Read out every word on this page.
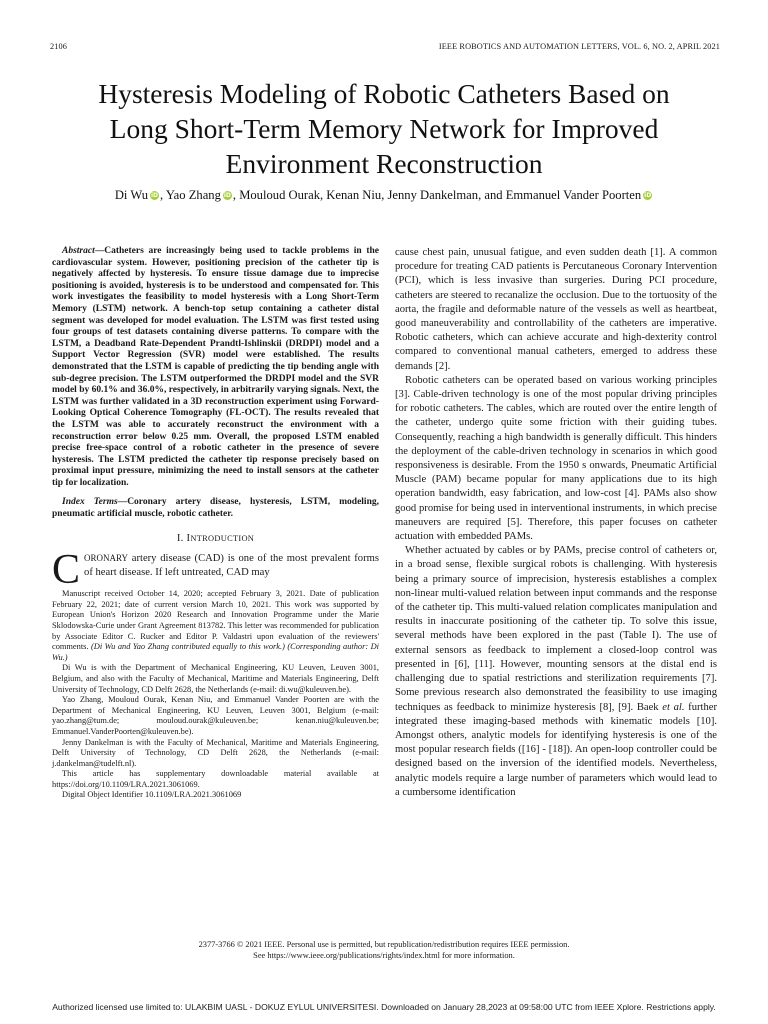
2106	IEEE ROBOTICS AND AUTOMATION LETTERS, VOL. 6, NO. 2, APRIL 2021
Hysteresis Modeling of Robotic Catheters Based on
Long Short-Term Memory Network for Improved
Environment Reconstruction
Di Wu iD , Yao Zhang iD , Mouloud Ourak, Kenan Niu, Jenny Dankelman, and Emmanuel Vander Poorten iD

Abstract—Catheters are increasingly being used to tackle problems in the cardiovascular system. However, positioning precision of the catheter tip is negatively affected by hysteresis. To ensure tissue damage due to imprecise positioning is avoided, hysteresis is to be understood and compensated for. This work investigates the feasibility to model hysteresis with a Long Short-Term Memory (LSTM) network. A bench-top setup containing a catheter distal segment was developed for model evaluation. The LSTM was first tested using four groups of test datasets containing diverse patterns. To compare with the LSTM, a Deadband Rate-Dependent Prandtl-Ishlinskii (DRDPI) model and a Support Vector Regression (SVR) model were established. The results demonstrated that the LSTM is capable of predicting the tip bending angle with sub-degree precision. The LSTM outperformed the DRDPI model and the SVR model by 60.1% and 36.0%, respectively, in arbitrarily varying signals. Next, the LSTM was further validated in a 3D reconstruction experiment using Forward-Looking Optical Coherence Tomography (FL-OCT). The results revealed that the LSTM was able to accurately reconstruct the environment with a reconstruction error below 0.25 mm. Overall, the proposed LSTM enabled precise free-space control of a robotic catheter in the presence of severe hysteresis. The LSTM predicted the catheter tip response precisely based on proximal input pressure, minimizing the need to install sensors at the catheter tip for localization.

Index Terms—Coronary artery disease, hysteresis, LSTM, modeling, pneumatic artificial muscle, robotic catheter.

I. INTRODUCTION

CORONARY artery disease (CAD) is one of the most prevalent forms of heart disease. If left untreated, CAD may

Manuscript received October 14, 2020; accepted February 3, 2021. Date of publication February 22, 2021; date of current version March 10, 2021. This work was supported by European Union's Horizon 2020 Research and Innovation Programme under the Marie Sklodowska-Curie under Grant Agreement 813782. This letter was recommended for publication by Associate Editor C. Rucker and Editor P. Valdastri upon evaluation of the reviewers' comments. (Di Wu and Yao Zhang contributed equally to this work.) (Corresponding author: Di Wu.)

Di Wu is with the Department of Mechanical Engineering, KU Leuven, Leuven 3001, Belgium, and also with the Faculty of Mechanical, Maritime and Materials Engineering, Delft University of Technology, CD Delft 2628, the Netherlands (e-mail: di.wu@kuleuven.be).

Yao Zhang, Mouloud Ourak, Kenan Niu, and Emmanuel Vander Poorten are with the Department of Mechanical Engineering, KU Leuven, Leuven 3001, Belgium (e-mail: yao.zhang@tum.de; mouloud.ourak@kuleuven.be; kenan.niu@kuleuven.be; Emmanuel.VanderPoorten@kuleuven.be).

Jenny Dankelman is with the Faculty of Mechanical, Maritime and Materials Engineering, Delft University of Technology, CD Delft 2628, the Netherlands (e-mail: j.dankelman@tudelft.nl).

This article has supplementary downloadable material available at https://doi.org/10.1109/LRA.2021.3061069.

Digital Object Identifier 10.1109/LRA.2021.3061069

cause chest pain, unusual fatigue, and even sudden death [1]. A common procedure for treating CAD patients is Percutaneous Coronary Intervention (PCI), which is less invasive than surgeries. During PCI procedure, catheters are steered to recanalize the occlusion. Due to the tortuosity of the aorta, the fragile and deformable nature of the vessels as well as heartbeat, good maneuverability and controllability of the catheters are imperative. Robotic catheters, which can achieve accurate and high-dexterity control compared to conventional manual catheters, emerged to address these demands [2].

Robotic catheters can be operated based on various working principles [3]. Cable-driven technology is one of the most popular driving principles for robotic catheters. The cables, which are routed over the entire length of the catheter, undergo quite some friction with their guiding tubes. Consequently, reaching a high bandwidth is generally difficult. This hinders the deployment of the cable-driven technology in scenarios in which good responsiveness is desirable. From the 1950 s onwards, Pneumatic Artificial Muscle (PAM) became popular for many applications due to its high operation bandwidth, easy fabrication, and low-cost [4]. PAMs also show good promise for being used in interventional instruments, in which precise maneuvers are required [5]. Therefore, this paper focuses on catheter actuation with embedded PAMs.

Whether actuated by cables or by PAMs, precise control of catheters or, in a broad sense, flexible surgical robots is challenging. With hysteresis being a primary source of imprecision, hysteresis establishes a complex non-linear multi-valued relation between input commands and the response of the catheter tip. This multi-valued relation complicates manipulation and results in inaccurate positioning of the catheter tip. To solve this issue, several methods have been explored in the past (Table I). The use of external sensors as feedback to implement a closed-loop control was presented in [6], [11]. However, mounting sensors at the distal end is challenging due to spatial restrictions and sterilization requirements [7]. Some previous research also demonstrated the feasibility to use imaging techniques as feedback to minimize hysteresis [8], [9]. Baek et al. further integrated these imaging-based methods with kinematic models [10]. Amongst others, analytic models for identifying hysteresis is one of the most popular research fields ([16] - [18]). An open-loop controller could be designed based on the inversion of the identified models. Nevertheless, analytic models require a large number of parameters which would lead to a cumbersome identification

2377-3766 © 2021 IEEE. Personal use is permitted, but republication/redistribution requires IEEE permission.
See https://www.ieee.org/publications/rights/index.html for more information.
Authorized licensed use limited to: ULAKBIM UASL - DOKUZ EYLUL UNIVERSITESI. Downloaded on January 28,2023 at 09:58:00 UTC from IEEE Xplore. Restrictions apply.
